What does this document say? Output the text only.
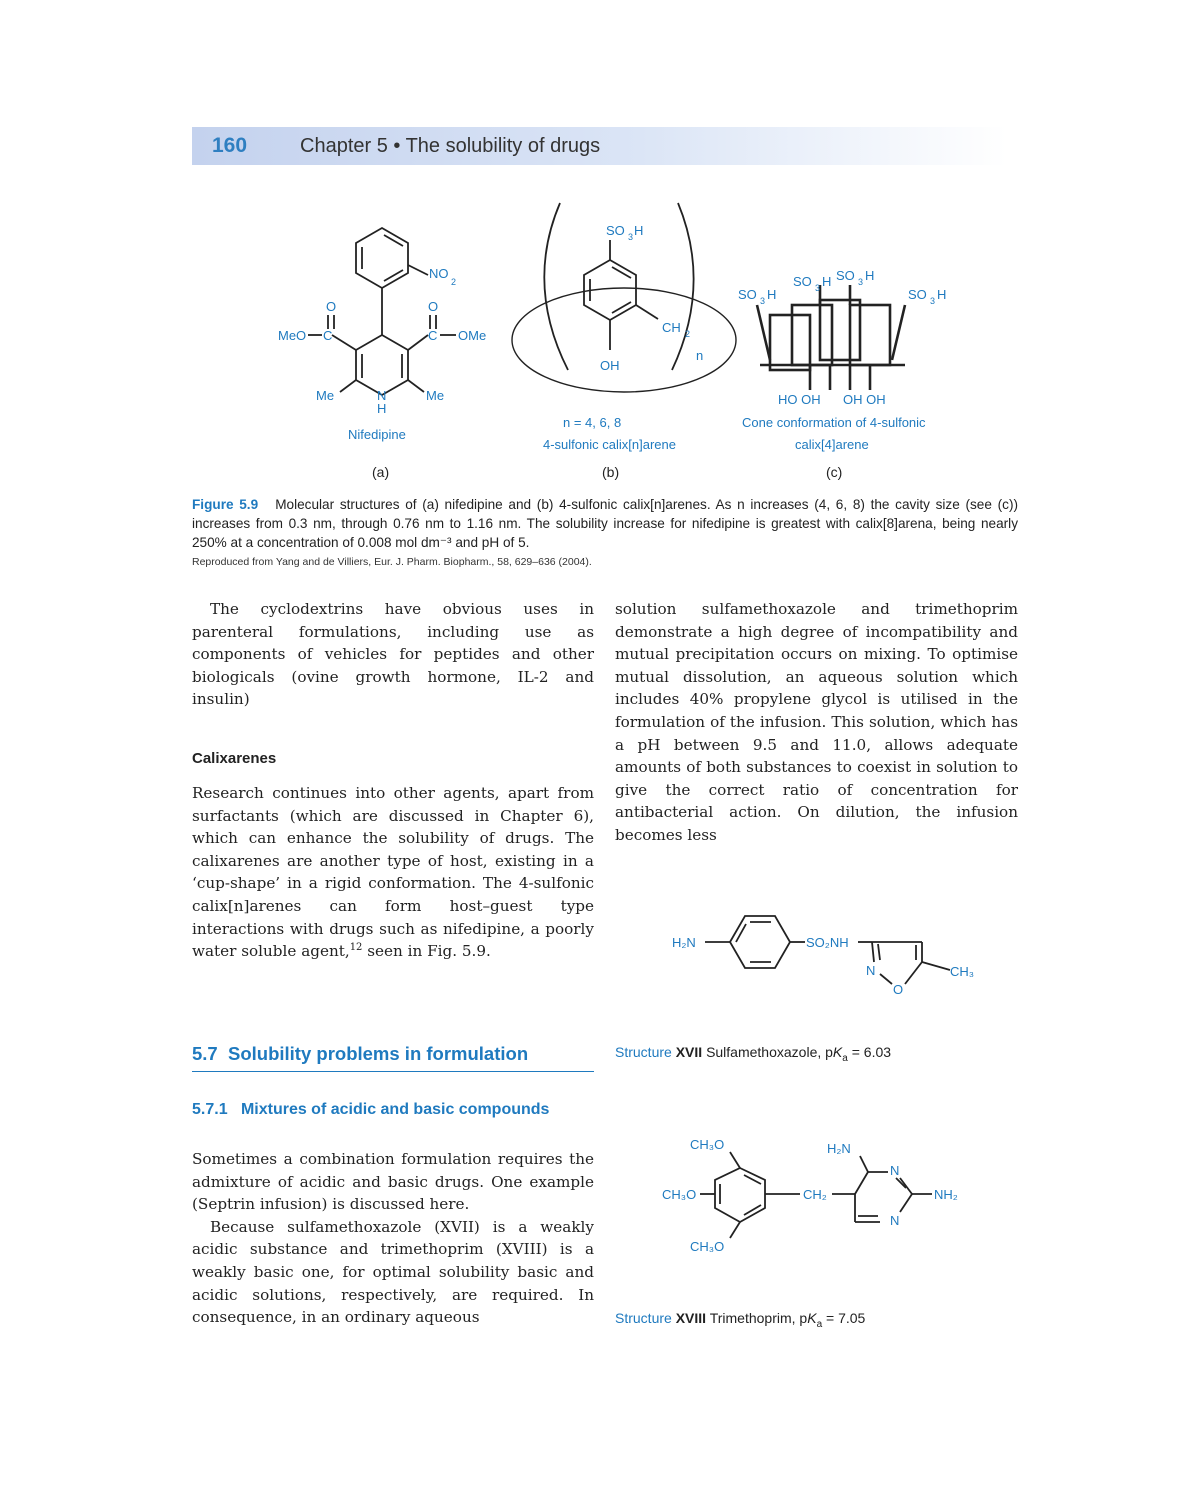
160	Chapter 5 • The solubility of drugs
NO
2
O	O
MeO C	C OMe
Me	N
H
Me
Nifedipine
(a)
SO 3 H
CH 2
OH
n
n = 4, 6, 8
4-sulfonic calix[n]arene
(b)
SO 3 H
SO 3 H SO 3 H
SO 3 H
HO OH OH OH
Cone conformation of 4-sulfonic
calix[4]arene
(c)
Figure 5.9 Molecular structures of (a) nifedipine and (b) 4-sulfonic calix[n]arenes. As n increases (4, 6, 8) the cavity size (see (c)) increases from 0.3 nm, through 0.76 nm to 1.16 nm. The solubility increase for nifedipine is greatest with calix[8]arena, being nearly 250% at a concentration of 0.008 mol dm⁻³ and pH of 5.
Reproduced from Yang and de Villiers, Eur. J. Pharm. Biopharm., 58, 629–636 (2004).

The cyclodextrins have obvious uses in parenteral formulations, including use as components of vehicles for peptides and other biologicals (ovine growth hormone, IL-2 and insulin)

Calixarenes

Research continues into other agents, apart from surfactants (which are discussed in Chapter 6), which can enhance the solubility of drugs. The calixarenes are another type of host, existing in a ‘cup-shape’ in a rigid conformation. The 4-sulfonic calix[n]arenes can form host–guest type interactions with drugs such as nifedipine, a poorly water soluble agent,$^{12}$ seen in Fig. 5.9.

5.7 Solubility problems in formulation
5.7.1 Mixtures of acidic and basic compounds

Sometimes a combination formulation requires the admixture of acidic and basic drugs. One example (Septrin infusion) is discussed here.

Because sulfamethoxazole (XVII) is a weakly acidic substance and trimethoprim (XVIII) is a weakly basic one, for optimal solubility basic and acidic solutions, respectively, are required. In consequence, in an ordinary aqueous

solution sulfamethoxazole and trimethoprim demonstrate a high degree of incompatibility and mutual precipitation occurs on mixing. To optimise mutual dissolution, an aqueous solution which includes 40% propylene glycol is utilised in the formulation of the infusion. This solution, which has a pH between 9.5 and 11.0, allows adequate amounts of both substances to coexist in solution to give the correct ratio of concentration for antibacterial action. On dilution, the infusion becomes less

H₂N	SO₂NH
N
O
CH₃
Structure XVII Sulfamethoxazole, $pK_a = 6.03$
CH₃O
CH₃O
CH₃O
CH₂
H₂N
N
N
NH₂
Structure XVIII Trimethoprim, $pK_a = 7.05$
